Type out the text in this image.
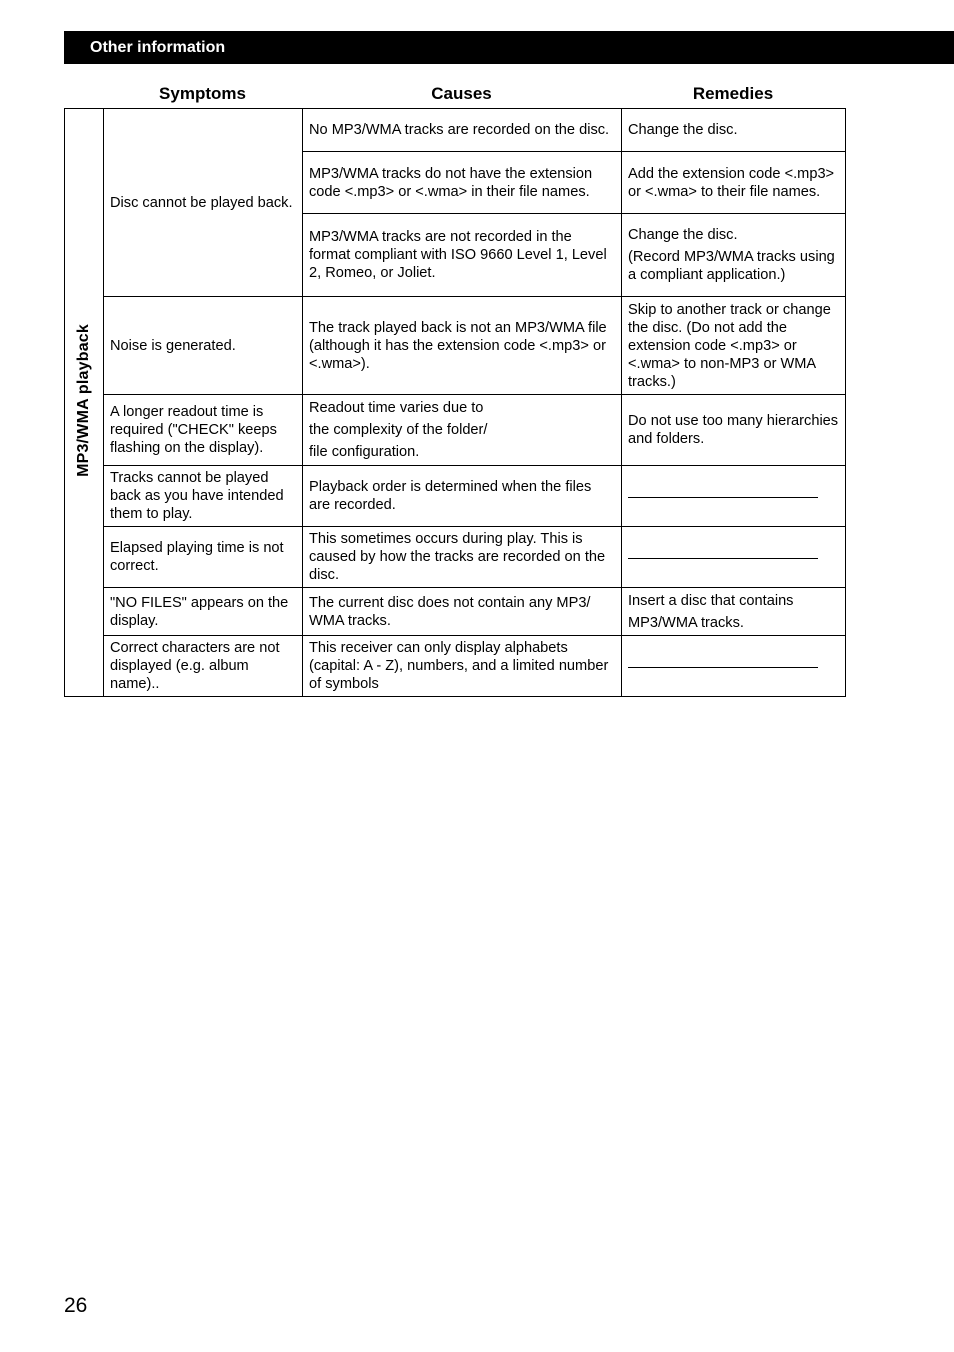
Other information
Symptoms	Causes	Remedies
MP3/WMA playback	Disc cannot be played back.	No MP3/WMA tracks are recorded on the disc.	Change the disc.

		MP3/WMA tracks do not have the extension code <.mp3> or <.wma> in their file names.	Add the extension code <.mp3> or <.wma> to their file names.

		MP3/WMA tracks are not recorded in the format compliant with ISO 9660 Level 1, Level 2, Romeo, or Joliet.	Change the disc.
(Record MP3/WMA tracks using a compliant application.)

	Noise is generated.	The track played back is not an MP3/WMA file (although it has the extension code <.mp3> or <.wma>).	Skip to another track or change the disc. (Do not add the extension code <.mp3> or <.wma> to non-MP3 or WMA tracks.)

	A longer readout time is required ("CHECK" keeps flashing on the display).	Readout time varies due to
the complexity of the folder/
file configuration.	Do not use too many hierarchies and folders.

	Tracks cannot be played back as you have intended them to play.	Playback order is determined when the files are recorded.	

	Elapsed playing time is not correct.	This sometimes occurs during play. This is caused by how the tracks are recorded on the disc.	

	"NO FILES" appears on the display.	The current disc does not contain any MP3/ WMA tracks.	Insert a disc that contains
MP3/WMA tracks.

	Correct characters are not displayed (e.g. album name)..	This receiver can only display alphabets (capital: A - Z), numbers, and a limited number of symbols	

26
